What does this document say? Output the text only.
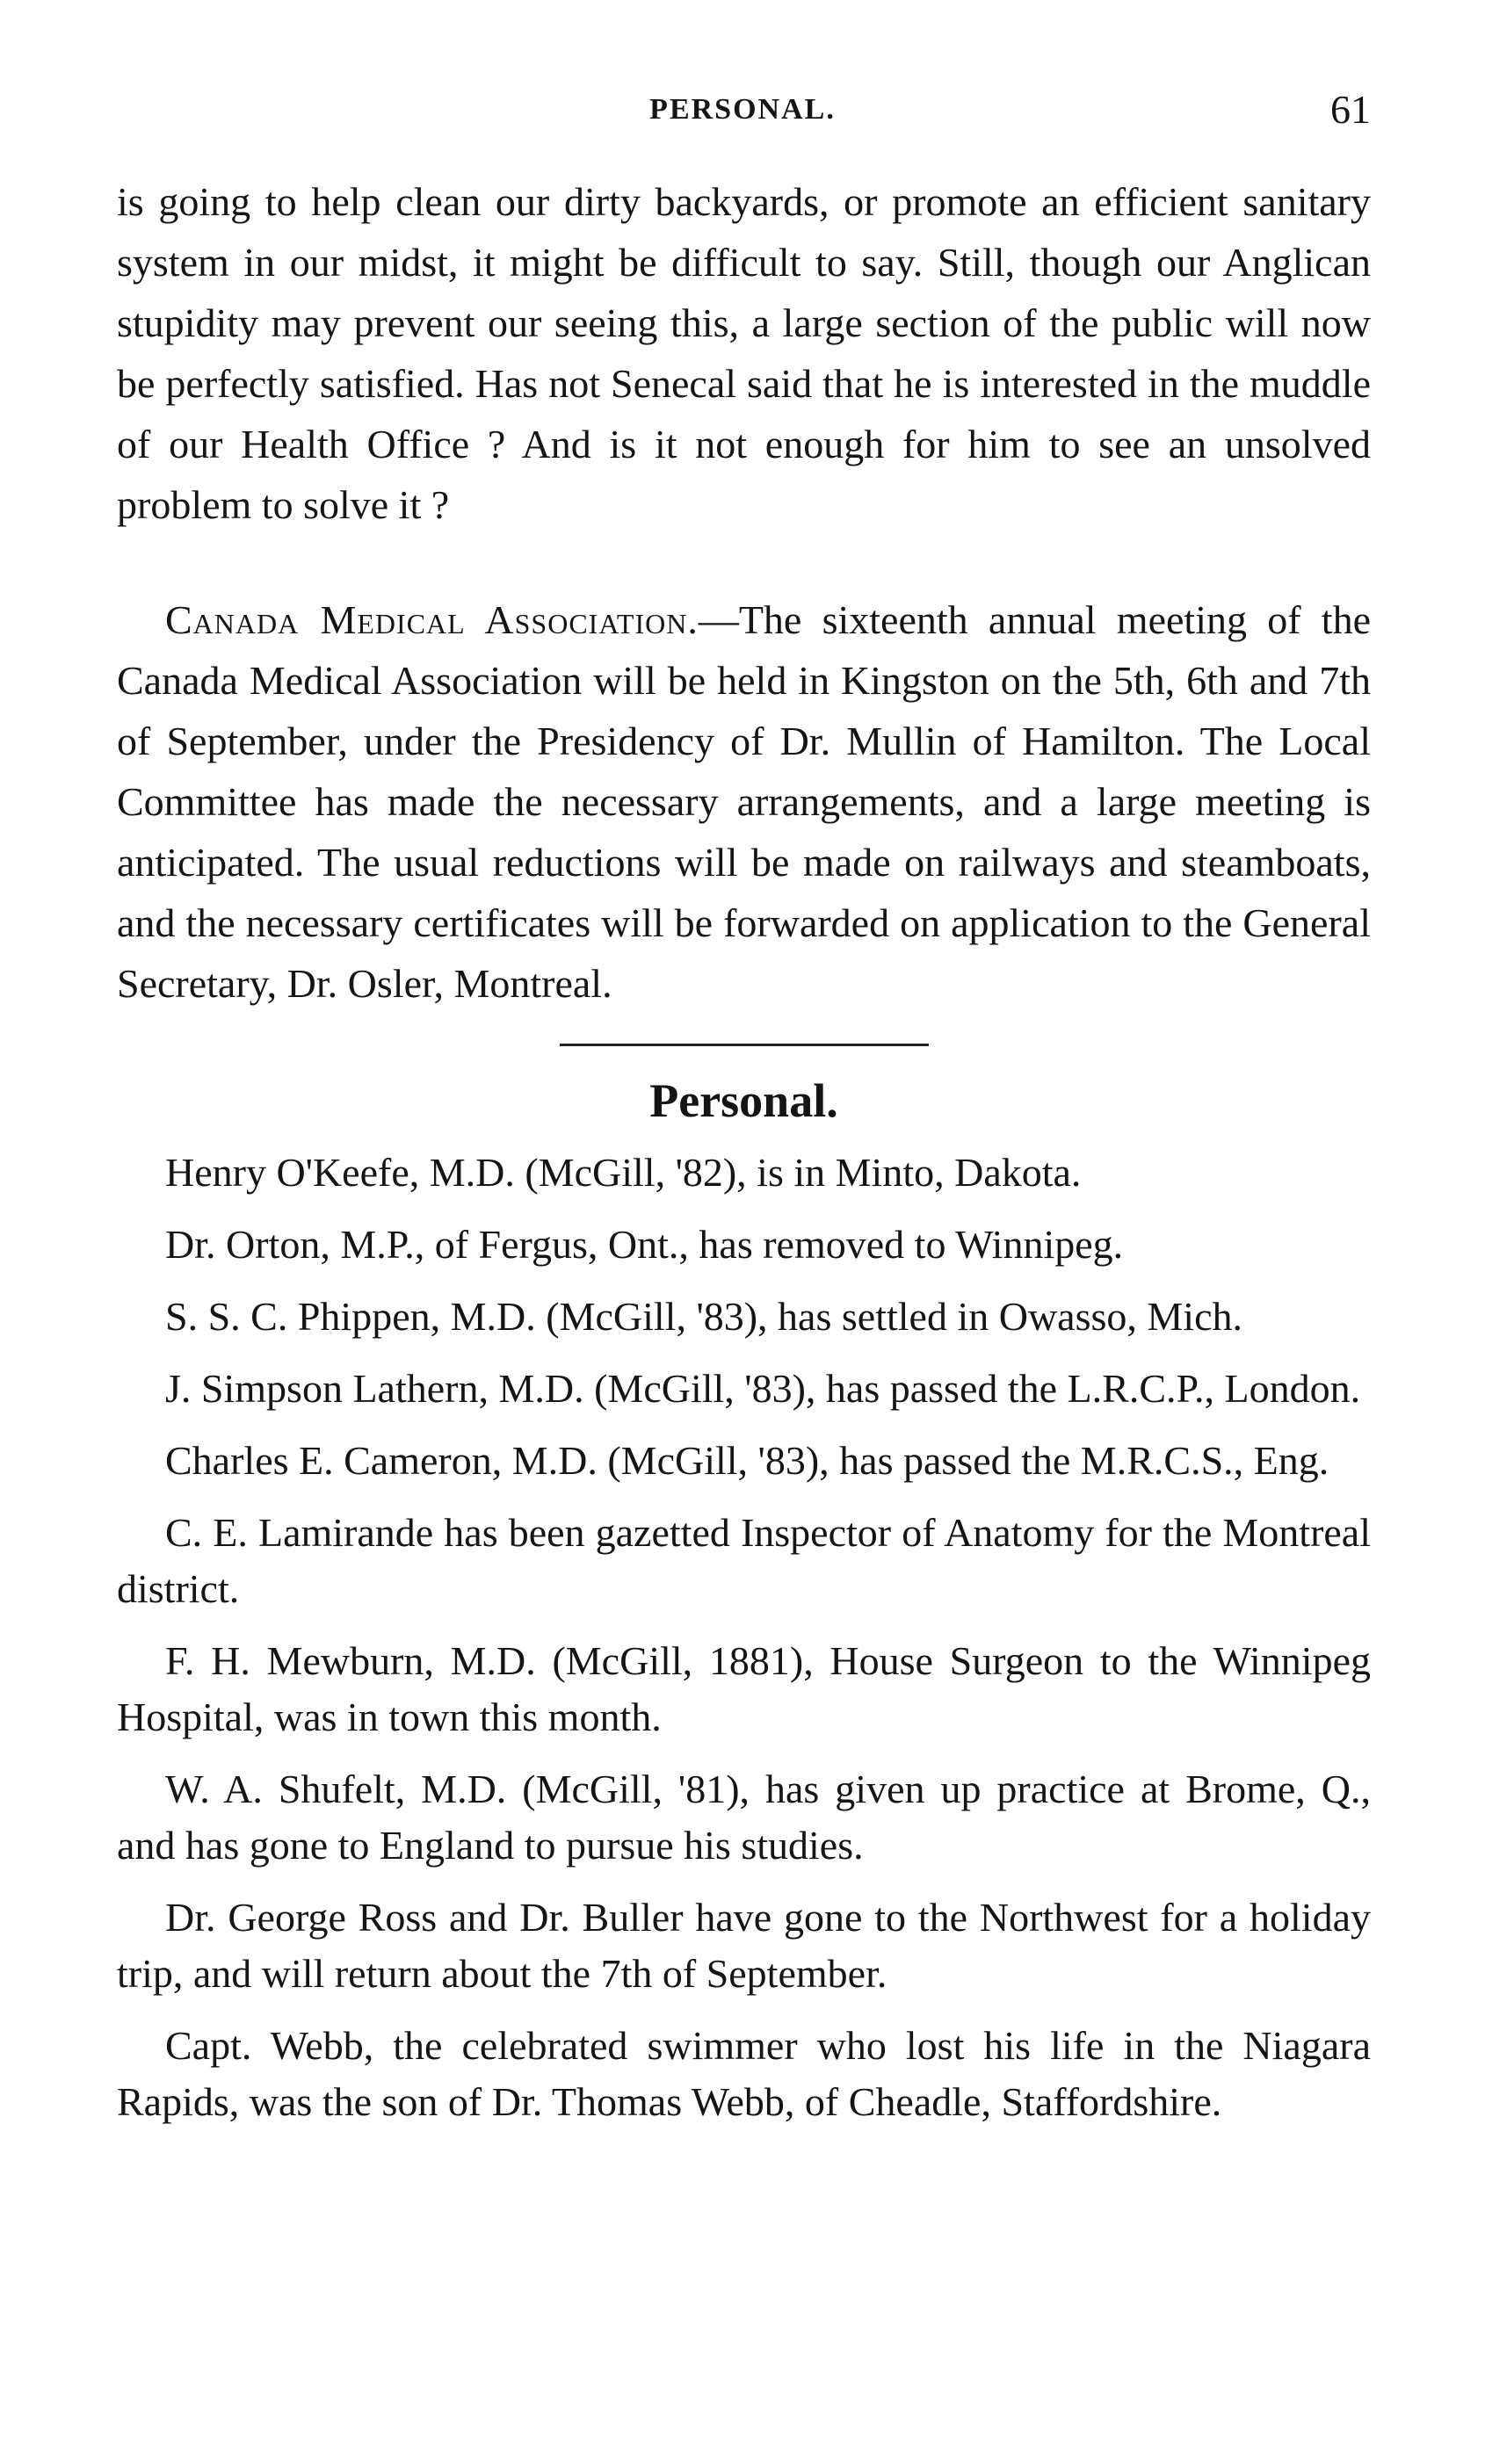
PERSONAL.	61

is going to help clean our dirty backyards, or promote an efficient sanitary system in our midst, it might be difficult to say. Still, though our Anglican stupidity may prevent our seeing this, a large section of the public will now be perfectly satisfied. Has not Senecal said that he is interested in the muddle of our Health Office ? And is it not enough for him to see an unsolved problem to solve it ?

Canada Medical Association.—The sixteenth annual meeting of the Canada Medical Association will be held in Kingston on the 5th, 6th and 7th of September, under the Presidency of Dr. Mullin of Hamilton. The Local Committee has made the necessary arrangements, and a large meeting is anticipated. The usual reductions will be made on railways and steamboats, and the necessary certificates will be forwarded on application to the General Secretary, Dr. Osler, Montreal.

Personal.
Henry O'Keefe, M.D. (McGill, '82), is in Minto, Dakota.
Dr. Orton, M.P., of Fergus, Ont., has removed to Winnipeg.
S. S. C. Phippen, M.D. (McGill, '83), has settled in Owasso, Mich.
J. Simpson Lathern, M.D. (McGill, '83), has passed the L.R.C.P., London.
Charles E. Cameron, M.D. (McGill, '83), has passed the M.R.C.S., Eng.
C. E. Lamirande has been gazetted Inspector of Anatomy for the Montreal district.
F. H. Mewburn, M.D. (McGill, 1881), House Surgeon to the Winnipeg Hospital, was in town this month.
W. A. Shufelt, M.D. (McGill, '81), has given up practice at Brome, Q., and has gone to England to pursue his studies.
Dr. George Ross and Dr. Buller have gone to the Northwest for a holiday trip, and will return about the 7th of September.
Capt. Webb, the celebrated swimmer who lost his life in the Niagara Rapids, was the son of Dr. Thomas Webb, of Cheadle, Staffordshire.
